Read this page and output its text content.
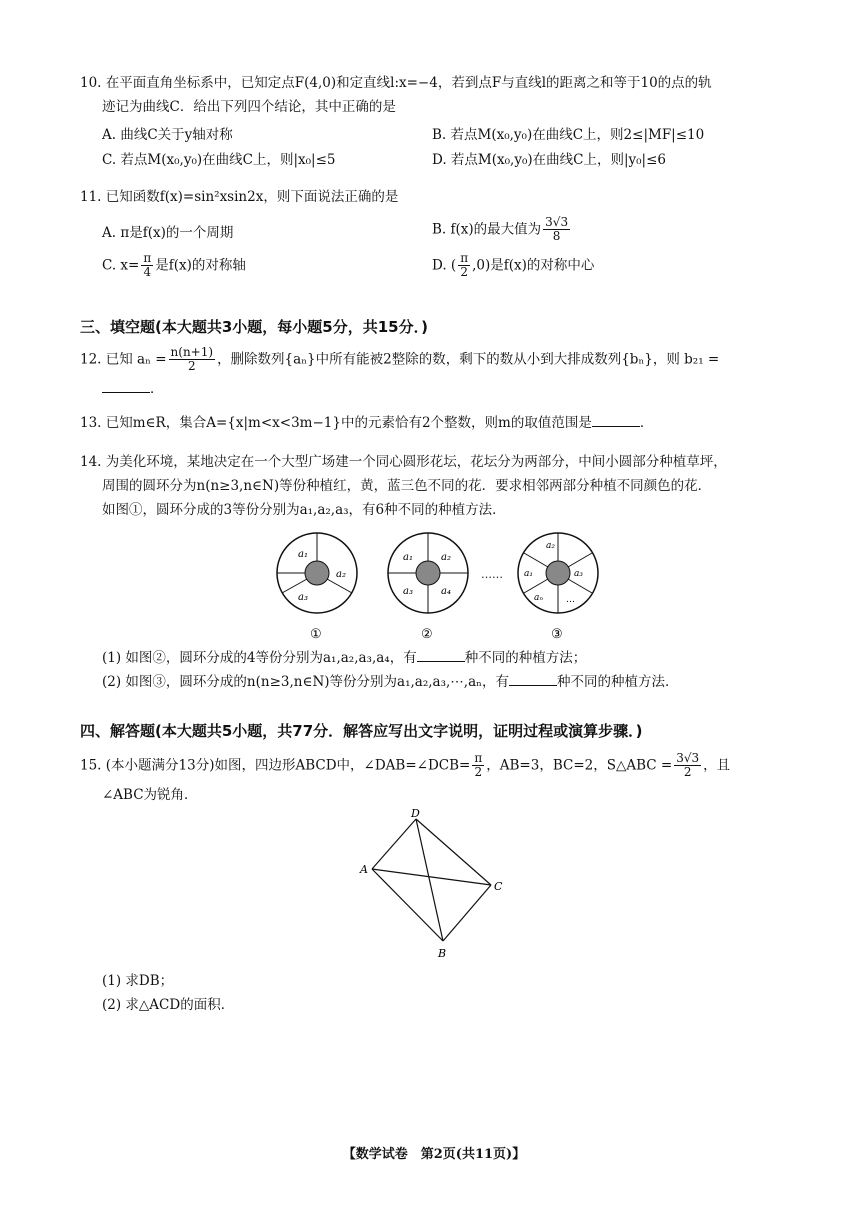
10. 在平面直角坐标系中，已知定点F(4,0)和定直线l:x=−4，若到点F与直线l的距离之和等于10的点的轨
迹记为曲线C．给出下列四个结论，其中正确的是
A. 曲线C关于y轴对称	B. 若点M(x₀,y₀)在曲线C上，则2≤|MF|≤10
C. 若点M(x₀,y₀)在曲线C上，则|x₀|≤5	D. 若点M(x₀,y₀)在曲线C上，则|y₀|≤6
11. 已知函数f(x)=sin²xsin2x，则下面说法正确的是
A. π是f(x)的一个周期	B. f(x)的最大值为 $\frac{3√3}{8}$
C. $x= \frac{\pi}{4}$ 是f(x)的对称轴	D. ( $\frac{\pi}{2} ,0$)是f(x)的对称中心
三、填空题(本大题共3小题，每小题5分，共15分．)
12. 已知 $a_n = \frac{n(n+1)}{2}$ ，删除数列{aₙ}中所有能被2整除的数，剩下的数从小到大排成数列{bₙ}，则 b₂₁ =
．
13. 已知m∈R，集合A={x|m<x<3m−1}中的元素恰有2个整数，则m的取值范围是	．
14. 为美化环境，某地决定在一个大型广场建一个同心圆形花坛，花坛分为两部分，中间小圆部分种植草坪，
周围的圆环分为n(n≥3,n∈N)等份种植红，黄，蓝三色不同的花．要求相邻两部分种植不同颜色的花．
如图①，圆环分成的3等份分别为a₁,a₂,a₃，有6种不同的种植方法．
a₁
a₂
a₃
①
a₁	a₂
a₃	a₄
②
……
a₂
a₁	a₃
aₙ	…
③
(1) 如图②，圆环分成的4等份分别为a₁,a₂,a₃,a₄，有	种不同的种植方法；
(2) 如图③，圆环分成的n(n≥3,n∈N)等份分别为a₁,a₂,a₃,⋯,aₙ，有	种不同的种植方法．
四、解答题(本大题共5小题，共77分．解答应写出文字说明，证明过程或演算步骤．)
15. (本小题满分13分)如图，四边形ABCD中，∠DAB=∠DCB= $\frac{\pi}{2}$ ，AB=3，BC=2，S△ABC = $\frac{3√3}{2}$ ，且
∠ABC为锐角．
D
A
C
B
(1) 求DB；
(2) 求△ACD的面积．
【数学试卷　第2页(共11页)】
